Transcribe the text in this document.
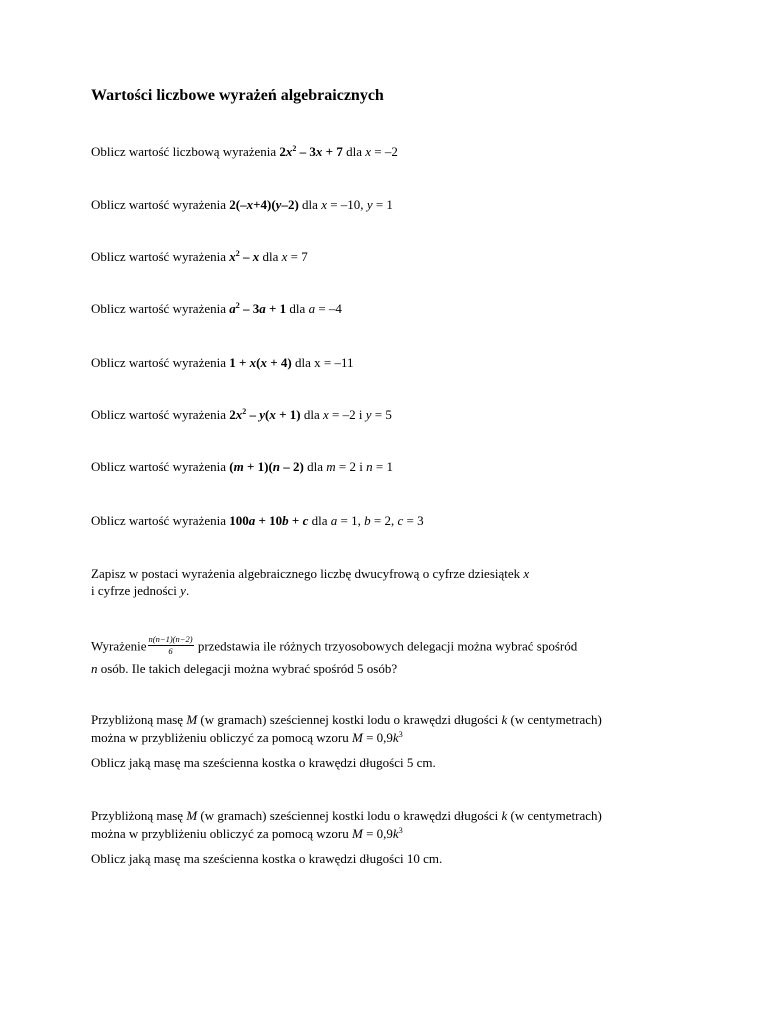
Wartości liczbowe wyrażeń algebraicznych
Oblicz wartość liczbową wyrażenia $2x^2 - 3x + 7$ dla x = –2
Oblicz wartość wyrażenia 2(–x+4)(y–2) dla x = –10, y = 1
Oblicz wartość wyrażenia $x^2$ – x dla x = 7
Oblicz wartość wyrażenia $a^2 - 3a + 1$ dla a = –4
Oblicz wartość wyrażenia 1 + x(x + 4) dla x = –11
Oblicz wartość wyrażenia $2x^2 - y(x + 1)$ dla x = –2 i y = 5
Oblicz wartość wyrażenia (m + 1)(n – 2) dla m = 2 i n = 1
Oblicz wartość wyrażenia 100a + 10b + c dla a = 1, b = 2, c = 3
Zapisz w postaci wyrażenia algebraicznego liczbę dwucyfrową o cyfrze dziesiątek x
i cyfrze jedności y.
Wyrażenie $\frac{n(n-1)(n-2)}{6}$ przedstawia ile różnych trzyosobowych delegacji można wybrać spośród
n osób. Ile takich delegacji można wybrać spośród 5 osób?
Przybliżoną masę M (w gramach) sześciennej kostki lodu o krawędzi długości k (w centymetrach)
można w przybliżeniu obliczyć za pomocą wzoru $M = 0,9k^3$
Oblicz jaką masę ma sześcienna kostka o krawędzi długości 5 cm.
Przybliżoną masę M (w gramach) sześciennej kostki lodu o krawędzi długości k (w centymetrach)
można w przybliżeniu obliczyć za pomocą wzoru $M = 0,9k^3$
Oblicz jaką masę ma sześcienna kostka o krawędzi długości 10 cm.
